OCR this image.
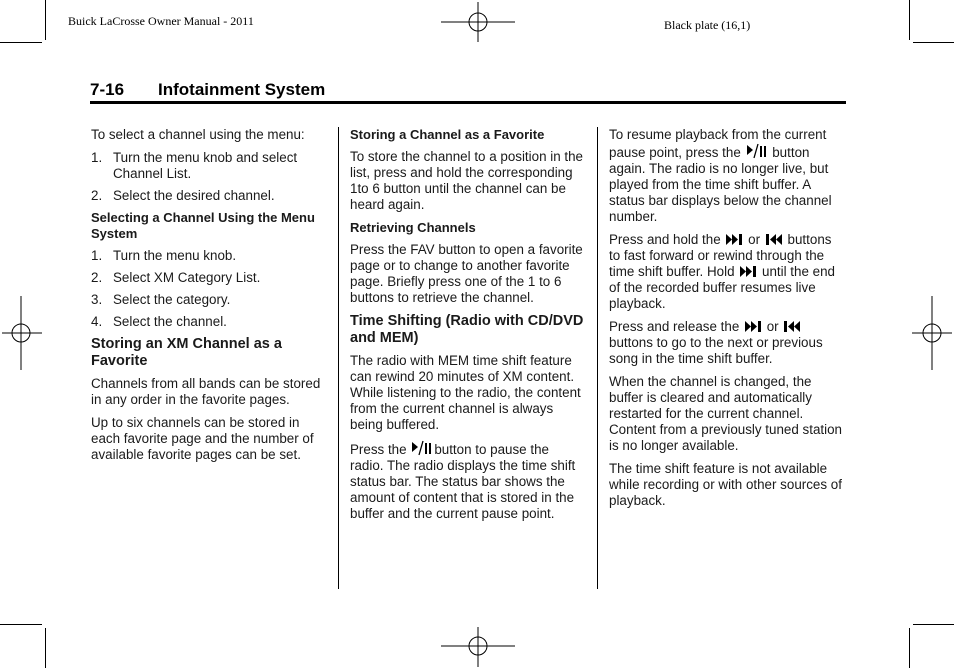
Buick LaCrosse Owner Manual - 2011	Black plate (16,1)
7-16 Infotainment System

To select a channel using the menu:

1. Turn the menu knob and select Channel List.
2. Select the desired channel.
Selecting a Channel Using the Menu System
1. Turn the menu knob.
2. Select XM Category List.
3. Select the category.
4. Select the channel.
Storing an XM Channel as a Favorite

Channels from all bands can be stored in any order in the favorite pages.

Up to six channels can be stored in each favorite page and the number of available favorite pages can be set.

Storing a Channel as a Favorite

To store the channel to a position in the list, press and hold the corresponding 1to 6 button until the channel can be heard again.

Retrieving Channels

Press the FAV button to open a favorite page or to change to another favorite page. Briefly press one of the 1 to 6 buttons to retrieve the channel.

Time Shifting (Radio with CD/DVD and MEM)

The radio with MEM time shift feature can rewind 20 minutes of XM content. While listening to the radio, the content from the current channel is always being buffered.

Press the button to pause the radio. The radio displays the time shift status bar. The status bar shows the amount of content that is stored in the buffer and the current pause point.

To resume playback from the current pause point, press the button again. The radio is no longer live, but played from the time shift buffer. A status bar displays below the channel number.

Press and hold the or buttons to fast forward or rewind through the time shift buffer. Hold until the end of the recorded buffer resumes live playback.

Press and release the or  buttons to go to the next or previous song in the time shift buffer.

When the channel is changed, the buffer is cleared and automatically restarted for the current channel. Content from a previously tuned station is no longer available.

The time shift feature is not available while recording or with other sources of playback.
